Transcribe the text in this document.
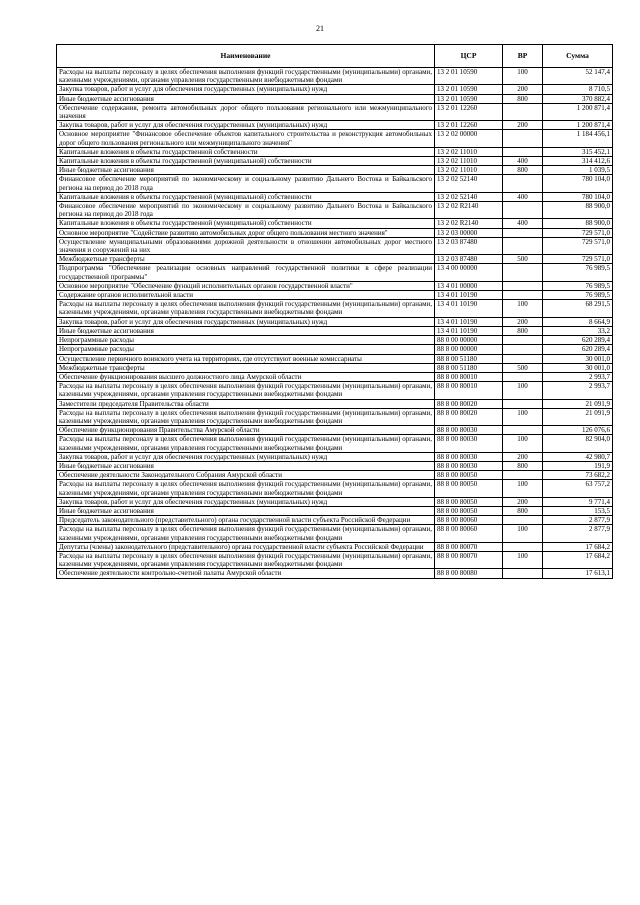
21
Наименование	ЦСР	ВР	Сумма
Расходы на выплаты персоналу в целях обеспечения выполнения функций государственными (муниципальными) органами, казенными учреждениями, органами управления государственными внебюджетными фондами	13 2 01 10590	100	52 147,4
Закупка товаров, работ и услуг для обеспечения государственных (муниципальных) нужд	13 2 01 10590	200	8 710,5
Иные бюджетные ассигнования	13 2 01 10590	800	370 882,4
Обеспечение содержания, ремонта автомобильных дорог общего пользования регионального или межмуниципального значения	13 2 01 12260		1 200 871,4
Закупка товаров, работ и услуг для обеспечения государственных (муниципальных) нужд	13 2 01 12260	200	1 200 871,4
Основное мероприятие "Финансовое обеспечение объектов капитального строительства и реконструкция автомобильных дорог общего пользования регионального или межмуниципального значения"	13 2 02 00000		1 184 456,1
Капитальные вложения в объекты государственной собственности	13 2 02 11010		315 452,1
Капитальные вложения в объекты государственной (муниципальной) собственности	13 2 02 11010	400	314 412,6
Иные бюджетные ассигнования	13 2 02 11010	800	1 039,5
Финансовое обеспечение мероприятий по экономическому и социальному развитию Дальнего Востока и Байкальского региона на период до 2018 года	13 2 02 52140		780 104,0
Капитальные вложения в объекты государственной (муниципальной) собственности	13 2 02 52140	400	780 104,0
Финансовое обеспечение мероприятий по экономическому и социальному развитию Дальнего Востока и Байкальского региона на период до 2018 года	13 2 02 R2140		88 900,0
Капитальные вложения в объекты государственной (муниципальной) собственности	13 2 02 R2140	400	88 900,0
Основное мероприятие "Содействие развитию автомобильных дорог общего пользования местного значения"	13 2 03 00000		729 571,0
Осуществление муниципальными образованиями дорожной деятельности в отношении автомобильных дорог местного значения и сооружений на них	13 2 03 87480		729 571,0
Межбюджетные трансферты	13 2 03 87480	500	729 571,0
Подпрограмма "Обеспечение реализации основных направлений государственной политики в сфере реализации государственной программы"	13 4 00 00000		76 989,5
Основное мероприятие "Обеспечение функций исполнительных органов государственной власти"	13 4 01 00000		76 989,5
Содержание органов исполнительной власти	13 4 01 10190		76 989,5
Расходы на выплаты персоналу в целях обеспечения выполнения функций государственными (муниципальными) органами, казенными учреждениями, органами управления государственными внебюджетными фондами	13 4 01 10190	100	68 291,5
Закупка товаров, работ и услуг для обеспечения государственных (муниципальных) нужд	13 4 01 10190	200	8 664,9
Иные бюджетные ассигнования	13 4 01 10190	800	33,2
Непрограммные расходы	88 0 00 00000		620 289,4
Непрограммные расходы	88 8 00 00000		620 289,4
Осуществление первичного воинского учета на территориях, где отсутствуют военные комиссариаты	88 8 00 51180		30 001,0
Межбюджетные трансферты	88 8 00 51180	500	30 001,0
Обеспечение функционирования высшего должностного лица Амурской области	88 8 00 80010		2 993,7
Расходы на выплаты персоналу в целях обеспечения выполнения функций государственными (муниципальными) органами, казенными учреждениями, органами управления государственными внебюджетными фондами	88 8 00 80010	100	2 993,7
Заместители председателя Правительства области	88 8 00 80020		21 091,9
Расходы на выплаты персоналу в целях обеспечения выполнения функций государственными (муниципальными) органами, казенными учреждениями, органами управления государственными внебюджетными фондами	88 8 00 80020	100	21 091,9
Обеспечение функционирования Правительства Амурской области	88 8 00 80030		126 076,6
Расходы на выплаты персоналу в целях обеспечения выполнения функций государственными (муниципальными) органами, казенными учреждениями, органами управления государственными внебюджетными фондами	88 8 00 80030	100	82 904,0
Закупка товаров, работ и услуг для обеспечения государственных (муниципальных) нужд	88 8 00 80030	200	42 980,7
Иные бюджетные ассигнования	88 8 00 80030	800	191,9
Обеспечение деятельности Законодательного Собрания Амурской области	88 8 00 80050		73 682,2
Расходы на выплаты персоналу в целях обеспечения выполнения функций государственными (муниципальными) органами, казенными учреждениями, органами управления государственными внебюджетными фондами	88 8 00 80050	100	63 757,2
Закупка товаров, работ и услуг для обеспечения государственных (муниципальных) нужд	88 8 00 80050	200	9 771,4
Иные бюджетные ассигнования	88 8 00 80050	800	153,5
Председатель законодательного (представительного) органа государственной власти субъекта Российской Федерации	88 8 00 80060		2 877,9
Расходы на выплаты персоналу в целях обеспечения выполнения функций государственными (муниципальными) органами, казенными учреждениями, органами управления государственными внебюджетными фондами	88 8 00 80060	100	2 877,9
Депутаты (члены) законодательного (представительного) органа государственной власти субъекта Российской Федерации	88 8 00 80070		17 684,2
Расходы на выплаты персоналу в целях обеспечения выполнения функций государственными (муниципальными) органами, казенными учреждениями, органами управления государственными внебюджетными фондами	88 8 00 80070	100	17 684,2
Обеспечение деятельности контрольно-счетной палаты Амурской области	88 8 00 80080		17 613,1
